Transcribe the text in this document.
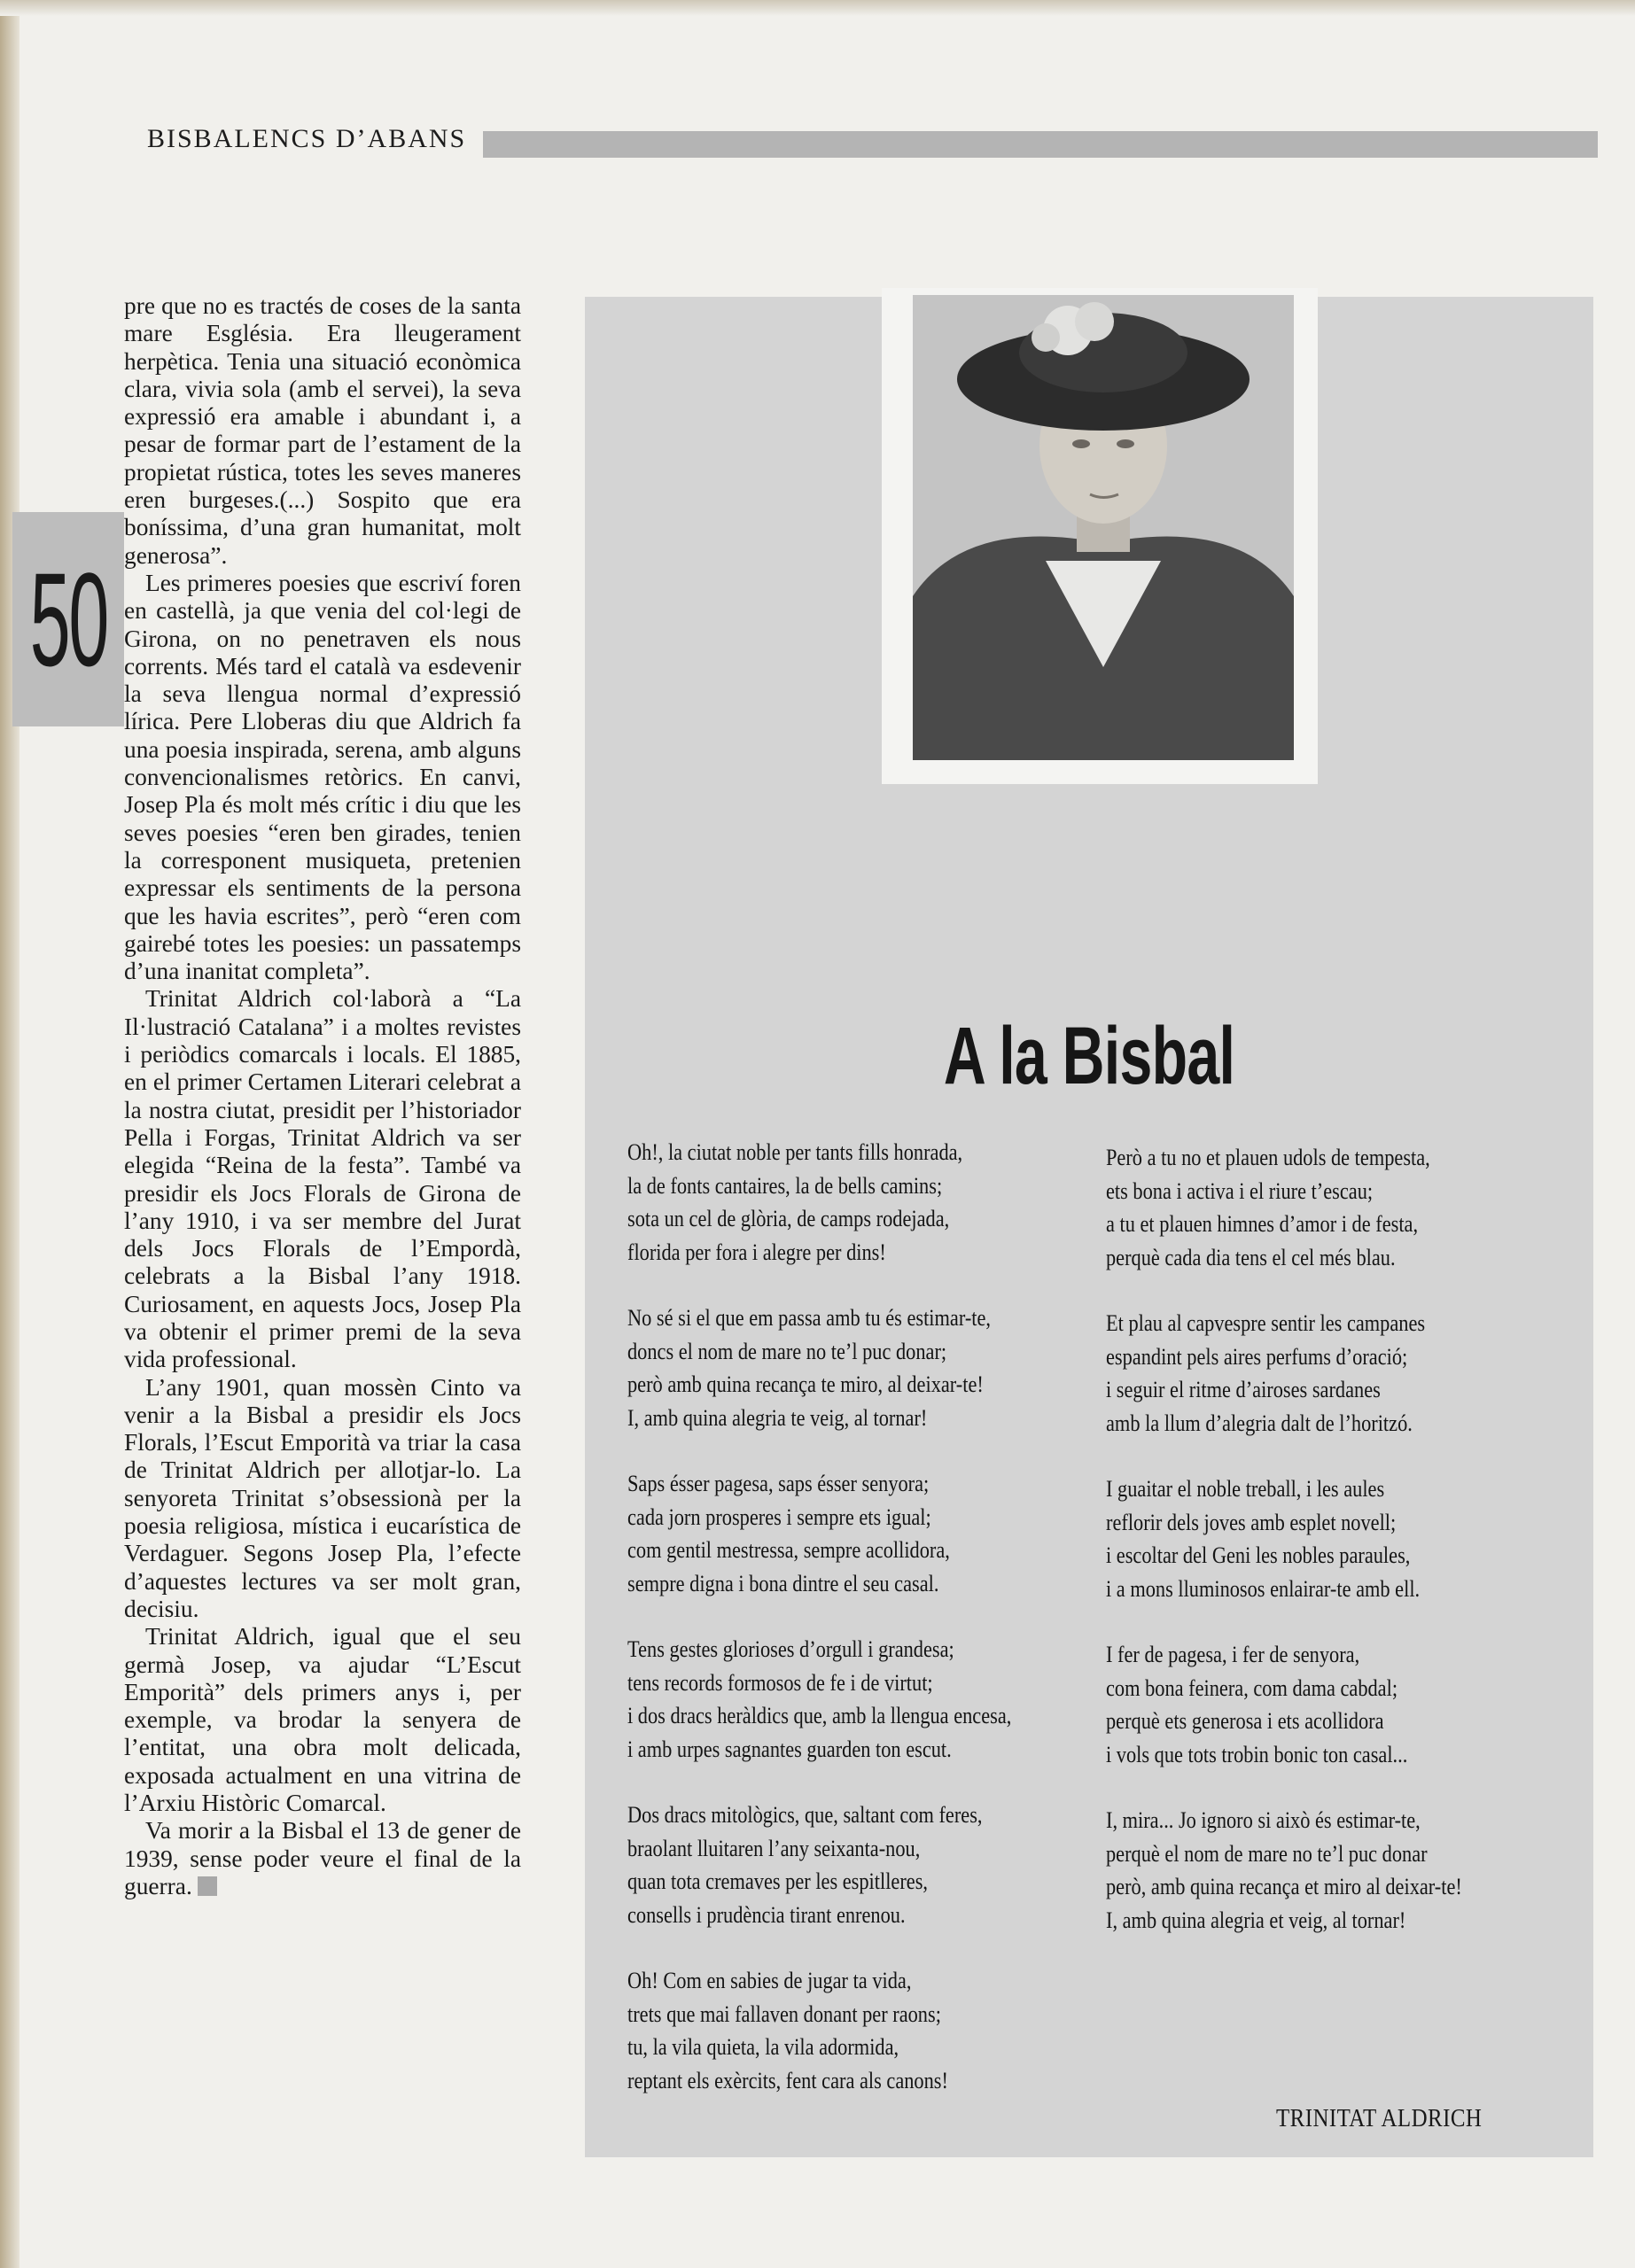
BISBALENCS D’ABANS
50

pre que no es tractés de coses de la santa mare Església. Era lleugerament herpètica. Tenia una situació econòmica clara, vivia sola (amb el servei), la seva expressió era amable i abundant i, a pesar de formar part de l’estament de la propietat rústica, totes les seves maneres eren burgeses.(...) Sospito que era boníssima, d’una gran humanitat, molt generosa”.

Les primeres poesies que escriví foren en castellà, ja que venia del col·legi de Girona, on no penetraven els nous corrents. Més tard el català va esdevenir la seva llengua normal d’expressió lírica. Pere Lloberas diu que Aldrich fa una poesia inspirada, serena, amb alguns convencionalismes retòrics. En canvi, Josep Pla és molt més crític i diu que les seves poesies “eren ben girades, tenien la corresponent musiqueta, pretenien expressar els sentiments de la persona que les havia escrites”, però “eren com gairebé totes les poesies: un passatemps d’una inanitat completa”.

Trinitat Aldrich col·laborà a “La Il·lustració Catalana” i a moltes revistes i periòdics comarcals i locals. El 1885, en el primer Certamen Literari celebrat a la nostra ciutat, presidit per l’historiador Pella i Forgas, Trinitat Aldrich va ser elegida “Reina de la festa”. També va presidir els Jocs Florals de Girona de l’any 1910, i va ser membre del Jurat dels Jocs Florals de l’Empordà, celebrats a la Bisbal l’any 1918. Curiosament, en aquests Jocs, Josep Pla va obtenir el primer premi de la seva vida professional.

L’any 1901, quan mossèn Cinto va venir a la Bisbal a presidir els Jocs Florals, l’Escut Emporità va triar la casa de Trinitat Aldrich per allotjar-lo. La senyoreta Trinitat s’obsessionà per la poesia religiosa, mística i eucarística de Verdaguer. Segons Josep Pla, l’efecte d’aquestes lectures va ser molt gran, decisiu.

Trinitat Aldrich, igual que el seu germà Josep, va ajudar “L’Escut Emporità” dels primers anys i, per exemple, va brodar la senyera de l’entitat, una obra molt delicada, exposada actualment en una vitrina de l’Arxiu Històric Comarcal.

Va morir a la Bisbal el 13 de gener de 1939, sense poder veure el final de la guerra.

A la Bisbal
Oh!, la ciutat noble per tants fills honrada,
la de fonts cantaires, la de bells camins;
sota un cel de glòria, de camps rodejada,
florida per fora i alegre per dins!
No sé si el que em passa amb tu és estimar-te,
doncs el nom de mare no te’l puc donar;
però amb quina recança te miro, al deixar-te!
I, amb quina alegria te veig, al tornar!
Saps ésser pagesa, saps ésser senyora;
cada jorn prosperes i sempre ets igual;
com gentil mestressa, sempre acollidora,
sempre digna i bona dintre el seu casal.
Tens gestes glorioses d’orgull i grandesa;
tens records formosos de fe i de virtut;
i dos dracs heràldics que, amb la llengua encesa,
i amb urpes sagnantes guarden ton escut.
Dos dracs mitològics, que, saltant com feres,
braolant lluitaren l’any seixanta-nou,
quan tota cremaves per les espitlleres,
consells i prudència tirant enrenou.
Oh! Com en sabies de jugar ta vida,
trets que mai fallaven donant per raons;
tu, la vila quieta, la vila adormida,
reptant els exèrcits, fent cara als canons!
Però a tu no et plauen udols de tempesta,
ets bona i activa i el riure t’escau;
a tu et plauen himnes d’amor i de festa,
perquè cada dia tens el cel més blau.
Et plau al capvespre sentir les campanes
espandint pels aires perfums d’oració;
i seguir el ritme d’airoses sardanes
amb la llum d’alegria dalt de l’horitzó.
I guaitar el noble treball, i les aules
reflorir dels joves amb esplet novell;
i escoltar del Geni les nobles paraules,
i a mons lluminosos enlairar-te amb ell.
I fer de pagesa, i fer de senyora,
com bona feinera, com dama cabdal;
perquè ets generosa i ets acollidora
i vols que tots trobin bonic ton casal...
I, mira... Jo ignoro si això és estimar-te,
perquè el nom de mare no te’l puc donar
però, amb quina recança et miro al deixar-te!
I, amb quina alegria et veig, al tornar!
TRINITAT ALDRICH
